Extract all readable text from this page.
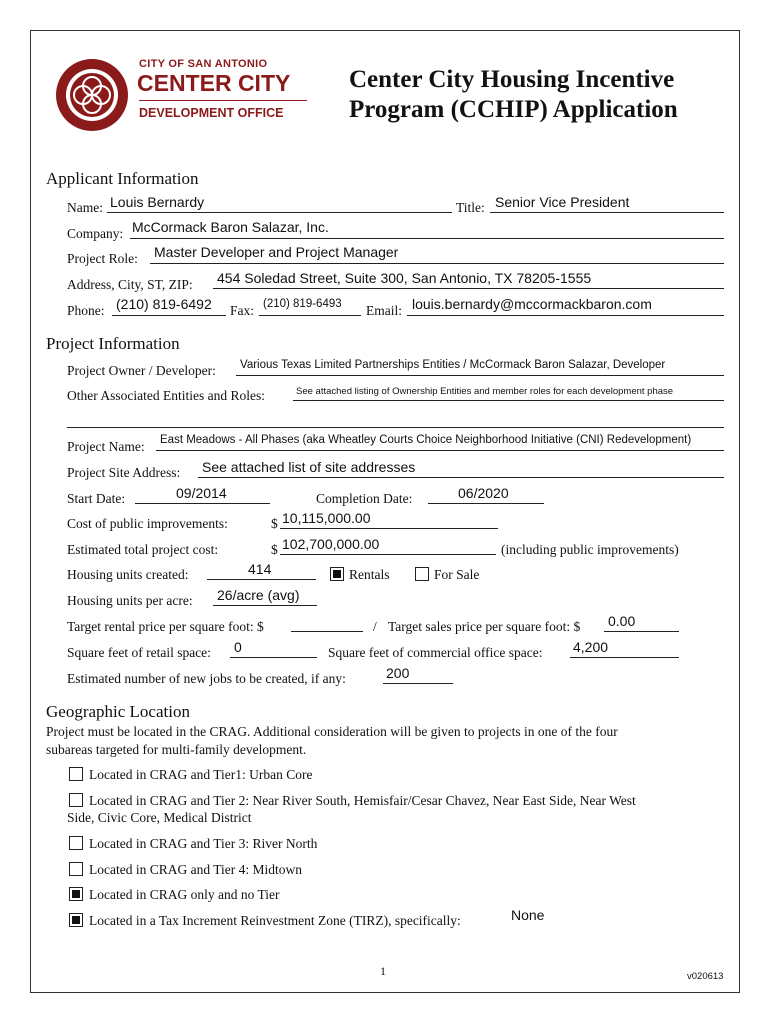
CITY OF SAN ANTONIO
CENTER CITY
DEVELOPMENT OFFICE
Center City Housing Incentive
Program (CCHIP) Application
Applicant Information
Name: Louis Bernardy	Title: Senior Vice President
Company: McCormack Baron Salazar, Inc.
Project Role: Master Developer and Project Manager
Address, City, ST, ZIP: 454 Soledad Street, Suite 300, San Antonio, TX 78205-1555
Phone: (210) 819-6492 Fax: (210) 819-6493 Email: louis.bernardy@mccormackbaron.com
Project Information
Project Owner / Developer: Various Texas Limited Partnerships Entities / McCormack Baron Salazar, Developer
Other Associated Entities and Roles:	See attached listing of Ownership Entities and member roles for each development phase
Project Name: East Meadows - All Phases (aka Wheatley Courts Choice Neighborhood Initiative (CNI) Redevelopment)
Project Site Address: See attached list of site addresses
Start Date:	09/2014	Completion Date:	06/2020
Cost of public improvements:	$ 10,115,000.00
Estimated total project cost:	$ 102,700,000.00	(including public improvements)
Housing units created:	414	Rentals	For Sale
Housing units per acre: 26/acre (avg)
Target rental price per square foot: $	/ Target sales price per square foot: $ 0.00
Square feet of retail space: 0	Square feet of commercial office space: 4,200
Estimated number of new jobs to be created, if any:	200
Geographic Location
Project must be located in the CRAG. Additional consideration will be given to projects in one of the four
subareas targeted for multi-family development.
Located in CRAG and Tier1: Urban Core
Located in CRAG and Tier 2: Near River South, Hemisfair/Cesar Chavez, Near East Side, Near West
Side, Civic Core, Medical District
Located in CRAG and Tier 3: River North
Located in CRAG and Tier 4: Midtown
Located in CRAG only and no Tier
Located in a Tax Increment Reinvestment Zone (TIRZ), specifically:	None
1	v020613
